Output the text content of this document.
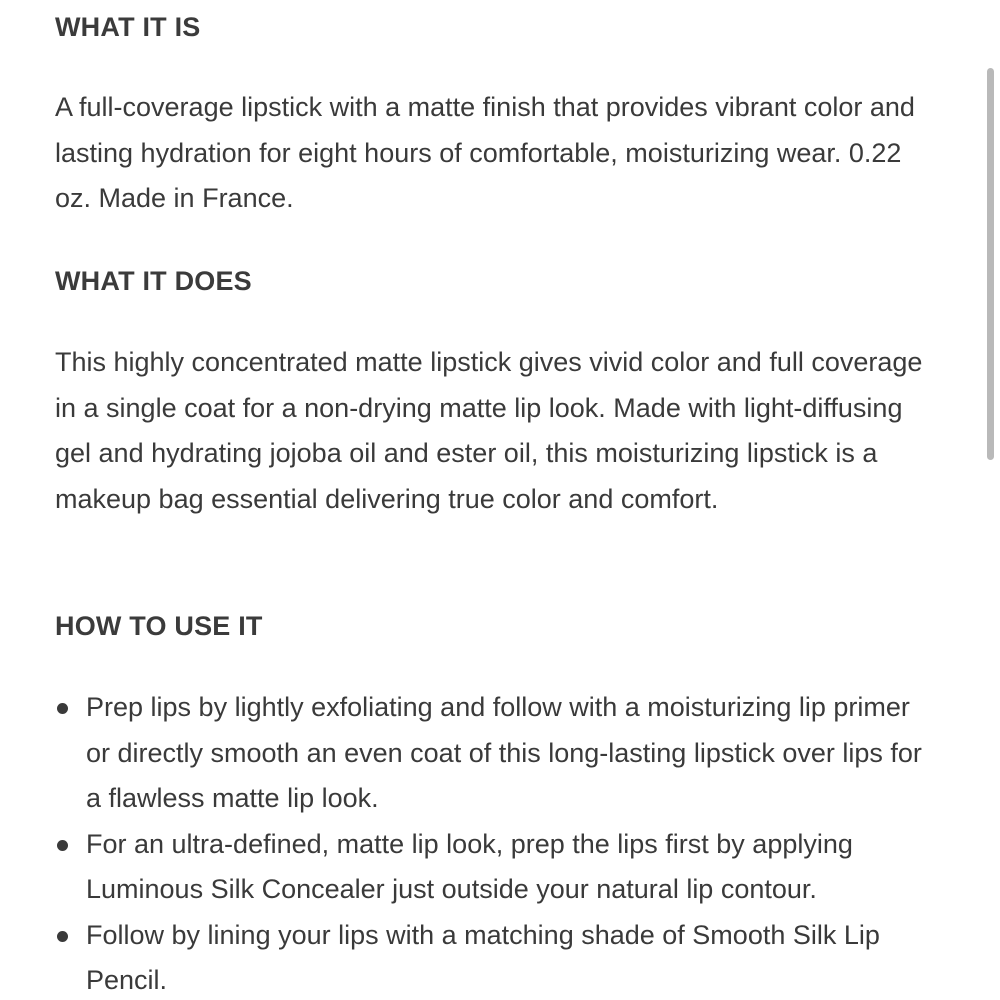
WHAT IT IS

A full-coverage lipstick with a matte finish that provides vibrant color and lasting hydration for eight hours of comfortable, moisturizing wear. 0.22 oz. Made in France.

WHAT IT DOES

This highly concentrated matte lipstick gives vivid color and full coverage in a single coat for a non-drying matte lip look. Made with light-diffusing gel and hydrating jojoba oil and ester oil, this moisturizing lipstick is a makeup bag essential delivering true color and comfort.

HOW TO USE IT
Prep lips by lightly exfoliating and follow with a moisturizing lip primer or directly smooth an even coat of this long-lasting lipstick over lips for a flawless matte lip look.
For an ultra-defined, matte lip look, prep the lips first by applying Luminous Silk Concealer just outside your natural lip contour.
Follow by lining your lips with a matching shade of Smooth Silk Lip Pencil.
